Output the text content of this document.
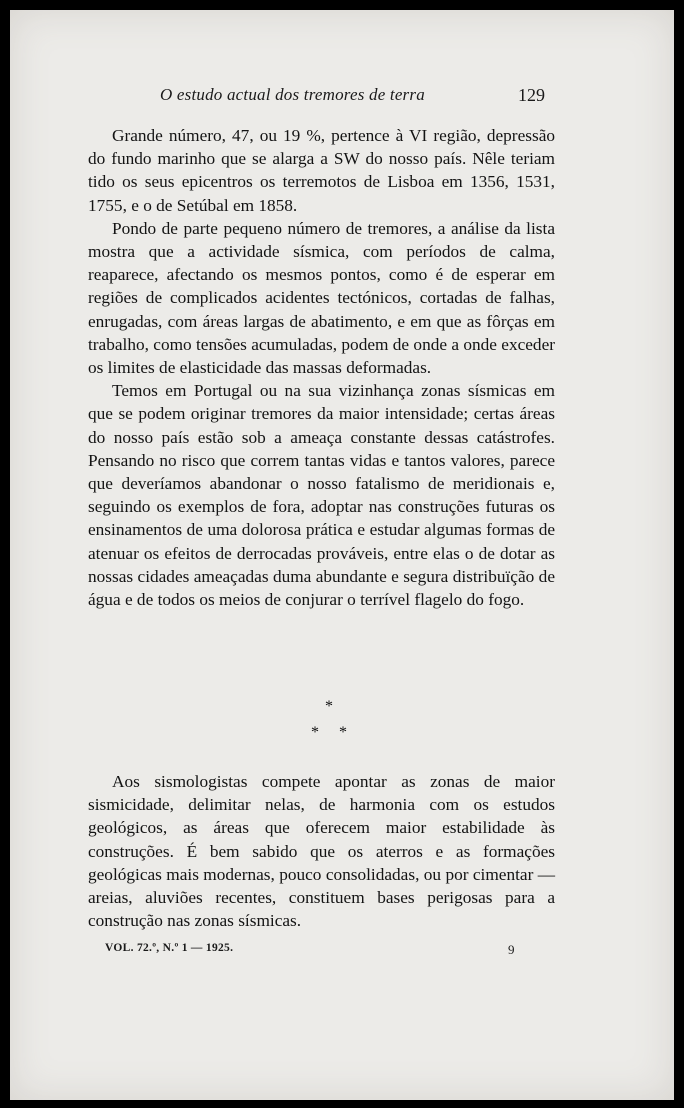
O estudo actual dos tremores de terra	129

Grande número, 47, ou 19 %, pertence à VI região, depressão do fundo marinho que se alarga a SW do nosso país. Nêle teriam tido os seus epicentros os terremotos de Lisboa em 1356, 1531, 1755, e o de Setúbal em 1858.

Pondo de parte pequeno número de tremores, a análise da lista mostra que a actividade sísmica, com períodos de calma, reaparece, afectando os mesmos pontos, como é de esperar em regiões de complicados acidentes tectónicos, cortadas de falhas, enrugadas, com áreas largas de abatimento, e em que as fôrças em trabalho, como tensões acumuladas, podem de onde a onde exceder os limites de elasticidade das massas deformadas.

Temos em Portugal ou na sua vizinhança zonas sísmicas em que se podem originar tremores da maior intensidade; certas áreas do nosso país estão sob a ameaça constante dessas catástrofes. Pensando no risco que correm tantas vidas e tantos valores, parece que deveríamos abandonar o nosso fatalismo de meridionais e, seguindo os exemplos de fora, adoptar nas construções futuras os ensinamentos de uma dolorosa prática e estudar algumas formas de atenuar os efeitos de derrocadas prováveis, entre elas o de dotar as nossas cidades ameaçadas duma abundante e segura distribuïção de água e de todos os meios de conjurar o terrível flagelo do fogo.

*
* *

Aos sismologistas compete apontar as zonas de maior sismicidade, delimitar nelas, de harmonia com os estudos geológicos, as áreas que oferecem maior estabilidade às construções. É bem sabido que os aterros e as formações geológicas mais modernas, pouco consolidadas, ou por cimentar — areias, aluviões recentes, constituem bases perigosas para a construção nas zonas sísmicas.

VOL. 72.º, N.º 1 — 1925.	9
